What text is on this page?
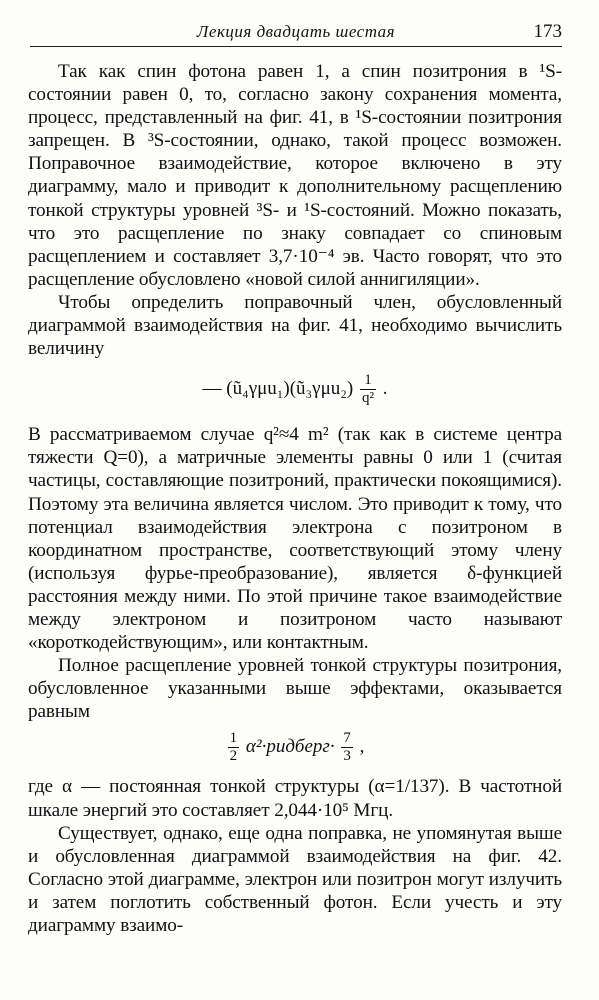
Лекция двадцать шестая	173

Так как спин фотона равен 1, а спин позитрония в ¹S-состоянии равен 0, то, согласно закону сохранения момента, процесс, представленный на фиг. 41, в ¹S-состоянии позитрония запрещен. В ³S-состоянии, однако, такой процесс возможен. Поправочное взаимодействие, которое включено в эту диаграмму, мало и приводит к дополнительному расщеплению тонкой структуры уровней ³S- и ¹S-состояний. Можно показать, что это расщепление по знаку совпадает со спиновым расщеплением и составляет 3,7·10⁻⁴ эв. Часто говорят, что это расщепление обусловлено «новой силой аннигиляции».

Чтобы определить поправочный член, обусловленный диаграммой взаимодействия на фиг. 41, необходимо вычислить величину

— (ũ₄γμu₁)(ũ₃γμu₂) $\frac{1}{\text{q²}}$ .

В рассматриваемом случае q²≈4 m² (так как в системе центра тяжести Q=0), а матричные элементы равны 0 или 1 (считая частицы, составляющие позитроний, практически покоящимися). Поэтому эта величина является числом. Это приводит к тому, что потенциал взаимодействия электрона с позитроном в координатном пространстве, соответствующий этому члену (используя фурье-преобразование), является δ-функцией расстояния между ними. По этой причине такое взаимодействие между электроном и позитроном часто называют «короткодействующим», или контактным.

Полное расщепление уровней тонкой структуры позитрония, обусловленное указанными выше эффектами, оказывается равным

$\frac{1}{2}$ α²·ридберг· $\frac{7}{3}$ ,

где α — постоянная тонкой структуры (α=1/137). В частотной шкале энергий это составляет 2,044·10⁵ Мгц.

Существует, однако, еще одна поправка, не упомянутая выше и обусловленная диаграммой взаимодействия на фиг. 42. Согласно этой диаграмме, электрон или позитрон могут излучить и затем поглотить собственный фотон. Если учесть и эту диаграмму взаимо-
